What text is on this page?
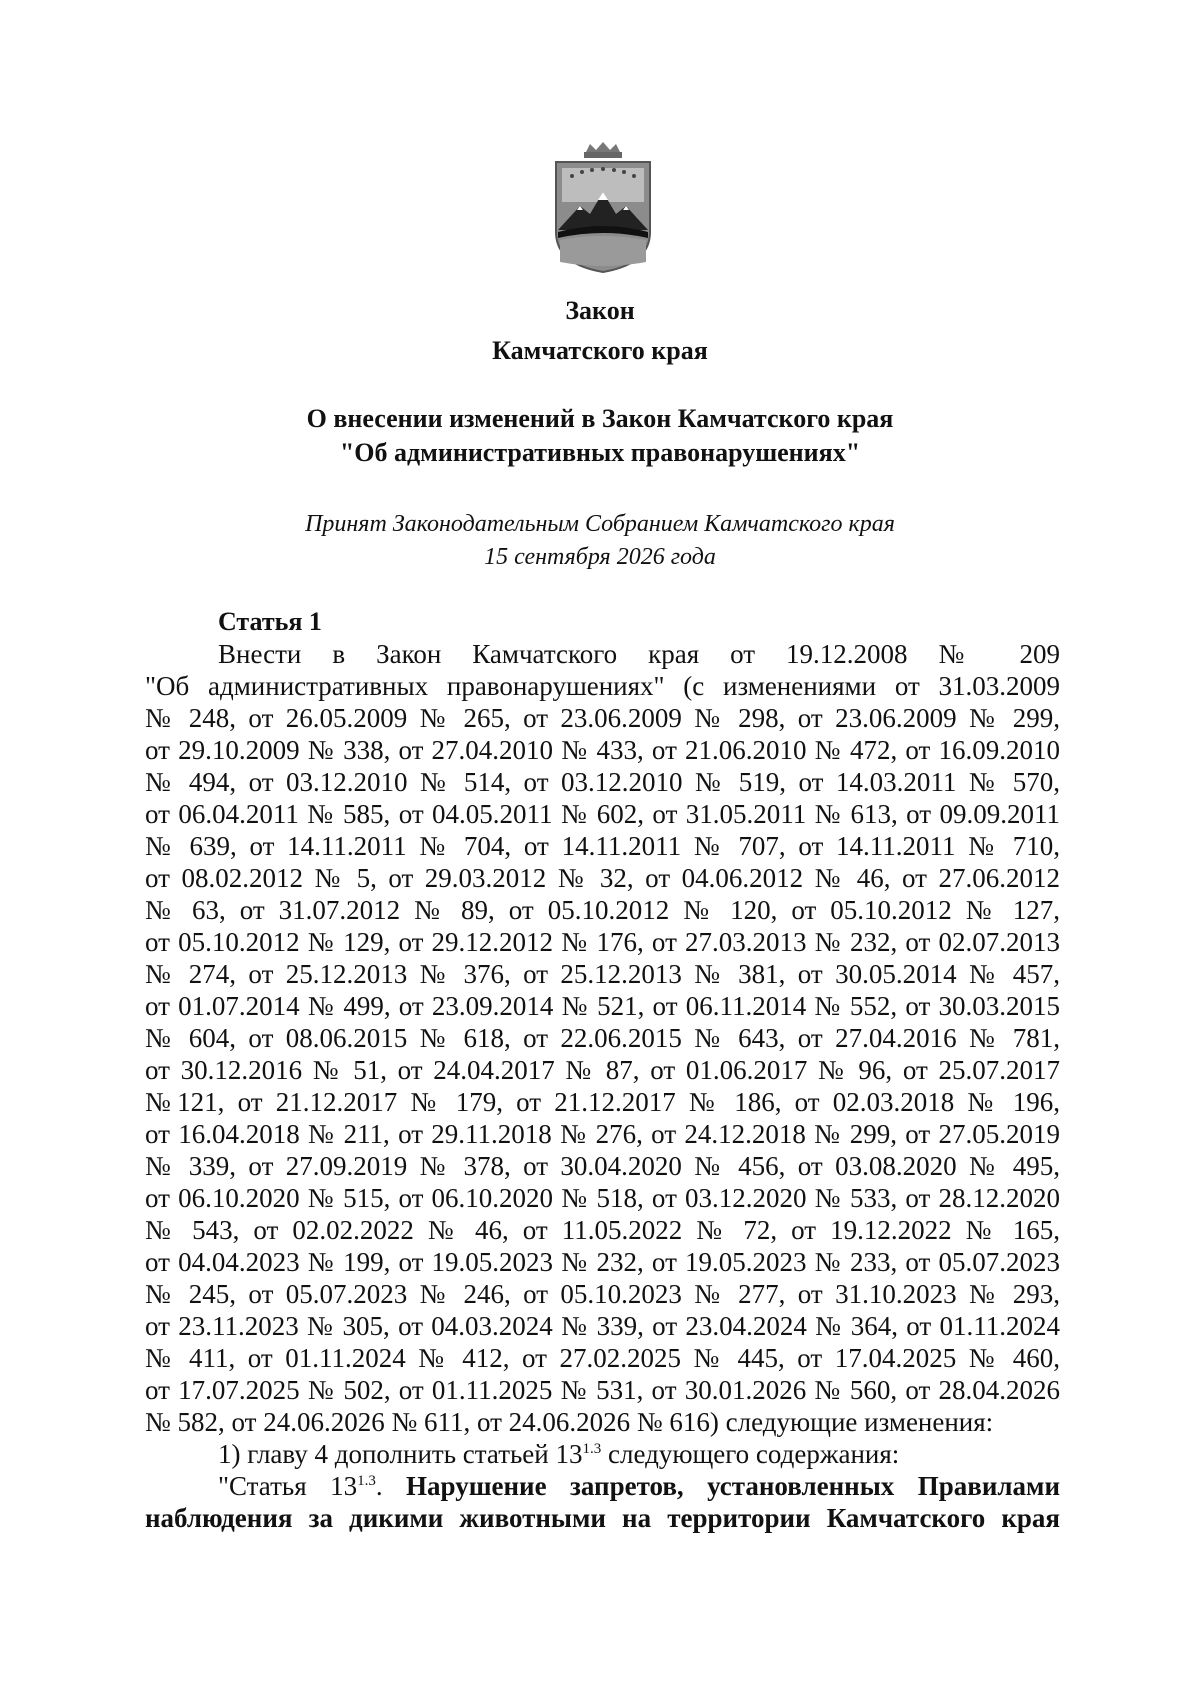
Закон
Камчатского края
О внесении изменений в Закон Камчатского края
"Об административных правонарушениях"
Принят Законодательным Собранием Камчатского края
15 сентября 2026 года
Статья 1
Внести в Закон Камчатского края от 19.12.2008 № 209
"Об административных правонарушениях" (с изменениями от 31.03.2009
№ 248, от 26.05.2009 № 265, от 23.06.2009 № 298, от 23.06.2009 № 299,
от 29.10.2009 № 338, от 27.04.2010 № 433, от 21.06.2010 № 472, от 16.09.2010
№ 494, от 03.12.2010 № 514, от 03.12.2010 № 519, от 14.03.2011 № 570,
от 06.04.2011 № 585, от 04.05.2011 № 602, от 31.05.2011 № 613, от 09.09.2011
№ 639, от 14.11.2011 № 704, от 14.11.2011 № 707, от 14.11.2011 № 710,
от 08.02.2012 № 5, от 29.03.2012 № 32, от 04.06.2012 № 46, от 27.06.2012
№ 63, от 31.07.2012 № 89, от 05.10.2012 № 120, от 05.10.2012 № 127,
от 05.10.2012 № 129, от 29.12.2012 № 176, от 27.03.2013 № 232, от 02.07.2013
№ 274, от 25.12.2013 № 376, от 25.12.2013 № 381, от 30.05.2014 № 457,
от 01.07.2014 № 499, от 23.09.2014 № 521, от 06.11.2014 № 552, от 30.03.2015
№ 604, от 08.06.2015 № 618, от 22.06.2015 № 643, от 27.04.2016 № 781,
от 30.12.2016 № 51, от 24.04.2017 № 87, от 01.06.2017 № 96, от 25.07.2017
№121, от 21.12.2017 № 179, от 21.12.2017 № 186, от 02.03.2018 № 196,
от 16.04.2018 № 211, от 29.11.2018 № 276, от 24.12.2018 № 299, от 27.05.2019
№ 339, от 27.09.2019 № 378, от 30.04.2020 № 456, от 03.08.2020 № 495,
от 06.10.2020 № 515, от 06.10.2020 № 518, от 03.12.2020 № 533, от 28.12.2020
№ 543, от 02.02.2022 № 46, от 11.05.2022 № 72, от 19.12.2022 № 165,
от 04.04.2023 № 199, от 19.05.2023 № 232, от 19.05.2023 № 233, от 05.07.2023
№ 245, от 05.07.2023 № 246, от 05.10.2023 № 277, от 31.10.2023 № 293,
от 23.11.2023 № 305, от 04.03.2024 № 339, от 23.04.2024 № 364, от 01.11.2024
№ 411, от 01.11.2024 № 412, от 27.02.2025 № 445, от 17.04.2025 № 460,
от 17.07.2025 № 502, от 01.11.2025 № 531, от 30.01.2026 № 560, от 28.04.2026
№ 582, от 24.06.2026 № 611, от 24.06.2026 № 616) следующие изменения:
1) главу 4 дополнить статьей $13^{1.3}$ следующего содержания:
"Статья $13^{1.3}$. Нарушение запретов, установленных Правилами
наблюдения за дикими животными на территории Камчатского края
